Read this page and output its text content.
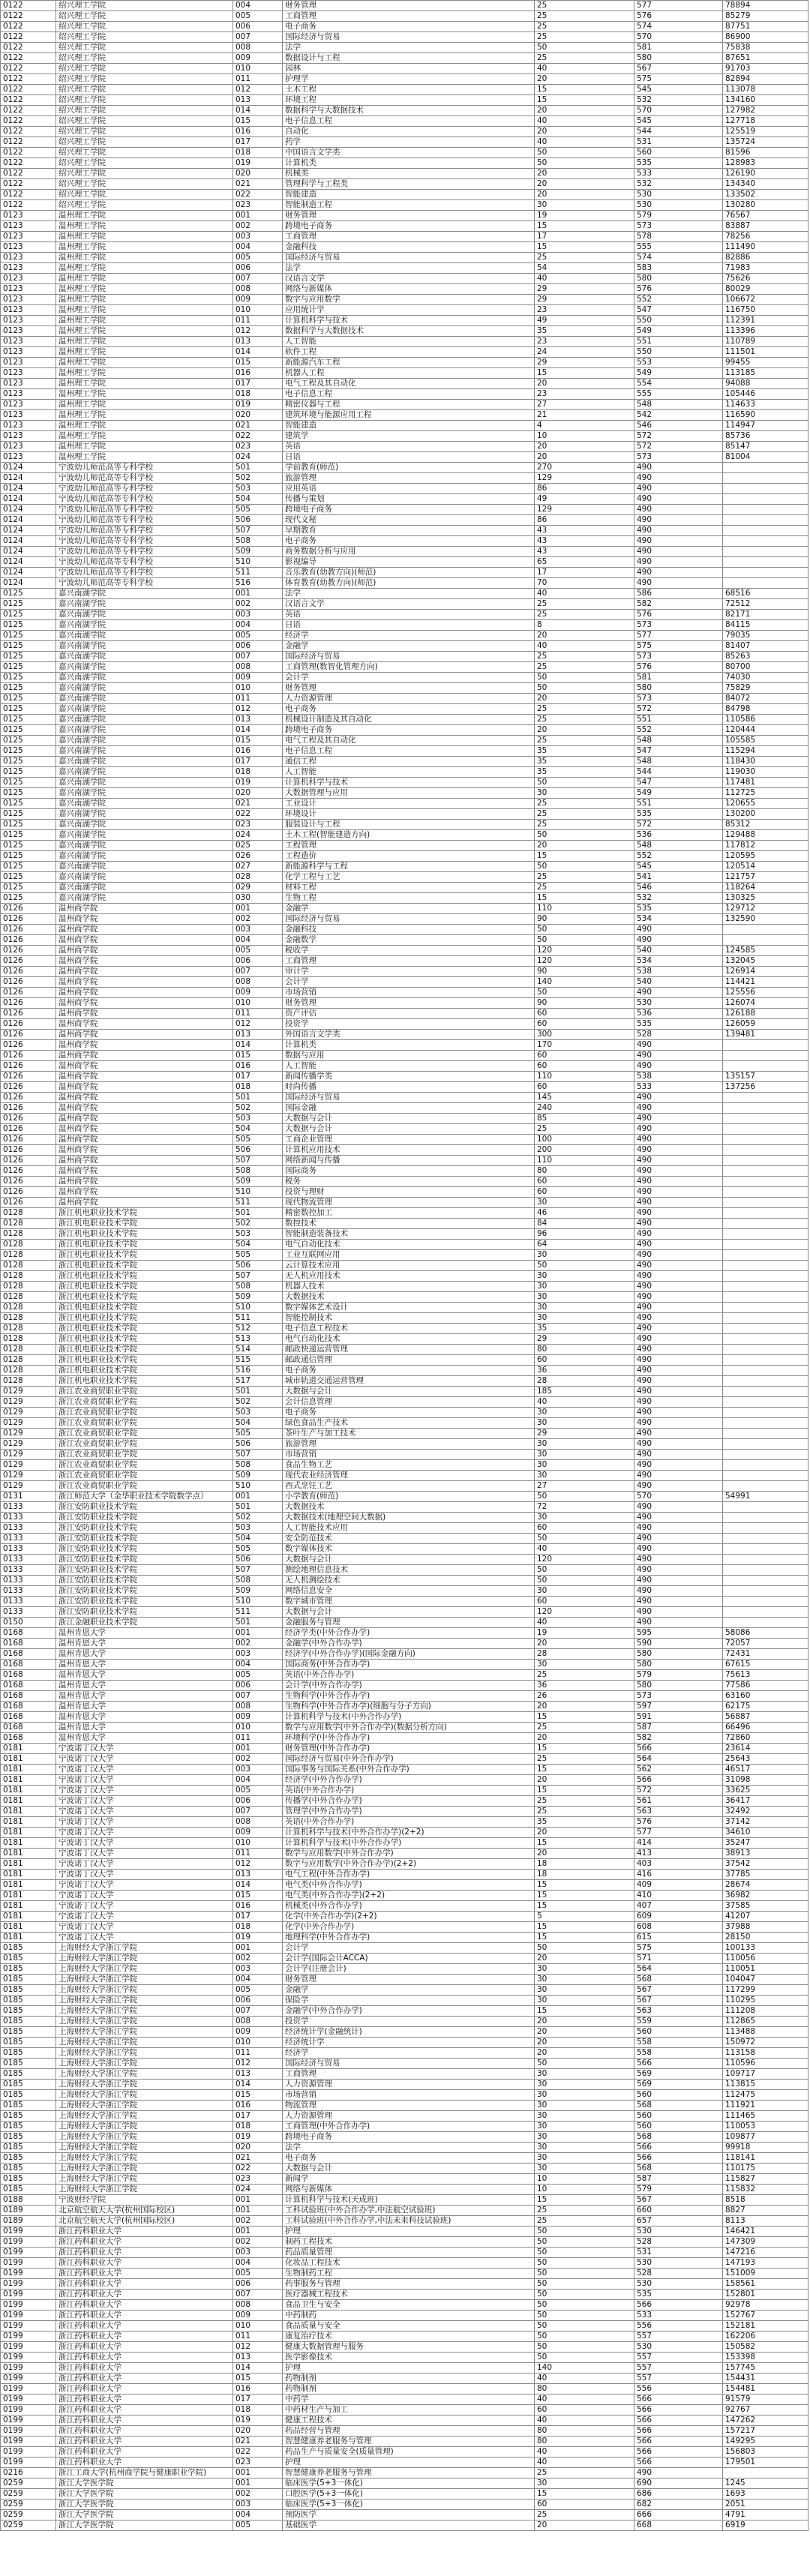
0122	绍兴理工学院	004	财务管理	25	577	78894
0122	绍兴理工学院	005	工商管理	25	576	85279
0122	绍兴理工学院	006	电子商务	25	574	87751
0122	绍兴理工学院	007	国际经济与贸易	25	570	86900
0122	绍兴理工学院	008	法学	50	581	75838
0122	绍兴理工学院	009	数据设计与工程	25	580	87651
0122	绍兴理工学院	010	园林	40	567	91703
0122	绍兴理工学院	011	护理学	20	575	82894
0122	绍兴理工学院	012	土木工程	15	545	113078
0122	绍兴理工学院	013	环境工程	15	532	134160
0122	绍兴理工学院	014	数据科学与大数据技术	20	570	127982
0122	绍兴理工学院	015	电子信息工程	40	545	127718
0122	绍兴理工学院	016	自动化	20	544	125519
0122	绍兴理工学院	017	药学	40	531	135724
0122	绍兴理工学院	018	中国语言文学类	50	560	81596
0122	绍兴理工学院	019	计算机类	50	535	128983
0122	绍兴理工学院	020	机械类	20	533	126190
0122	绍兴理工学院	021	管理科学与工程类	20	532	134340
0122	绍兴理工学院	022	智能建造	20	530	133502
0122	绍兴理工学院	023	智能制造工程	30	530	130280
0123	温州理工学院	001	财务管理	19	579	76567
0123	温州理工学院	002	跨境电子商务	15	573	83887
0123	温州理工学院	003	工商管理	17	578	78256
0123	温州理工学院	004	金融科技	15	555	111490
0123	温州理工学院	005	国际经济与贸易	25	574	82886
0123	温州理工学院	006	法学	54	583	71983
0123	温州理工学院	007	汉语言文学	40	580	75626
0123	温州理工学院	008	网络与新媒体	29	576	80029
0123	温州理工学院	009	数字与应用数学	29	552	106672
0123	温州理工学院	010	应用统计学	23	547	116750
0123	温州理工学院	011	计算机科学与技术	49	550	112391
0123	温州理工学院	012	数据科学与大数据技术	35	549	113396
0123	温州理工学院	013	人工智能	23	551	110789
0123	温州理工学院	014	软件工程	24	550	111501
0123	温州理工学院	015	新能源汽车工程	29	553	99455
0123	温州理工学院	016	机器人工程	15	549	113185
0123	温州理工学院	017	电气工程及其自动化	20	554	94088
0123	温州理工学院	018	电子信息工程	23	555	105446
0123	温州理工学院	019	精密仪器与工程	27	548	114633
0123	温州理工学院	020	建筑环境与能源应用工程	21	542	116590
0123	温州理工学院	021	智能建造	4	546	114947
0123	温州理工学院	022	建筑学	10	572	85736
0123	温州理工学院	023	英语	20	572	85147
0123	温州理工学院	024	日语	20	573	81004
0124	宁波幼儿师范高等专科学校	501	学前教育(师范)	270	490	
0124	宁波幼儿师范高等专科学校	502	旅游管理	129	490	
0124	宁波幼儿师范高等专科学校	503	应用英语	86	490	
0124	宁波幼儿师范高等专科学校	504	传播与策划	49	490	
0124	宁波幼儿师范高等专科学校	505	跨境电子商务	129	490	
0124	宁波幼儿师范高等专科学校	506	现代文秘	86	490	
0124	宁波幼儿师范高等专科学校	507	早期教育	43	490	
0124	宁波幼儿师范高等专科学校	508	电子商务	43	490	
0124	宁波幼儿师范高等专科学校	509	商务数据分析与应用	43	490	
0124	宁波幼儿师范高等专科学校	510	影视编导	65	490	
0124	宁波幼儿师范高等专科学校	511	音乐教育(幼教方向)(师范)	17	490	
0124	宁波幼儿师范高等专科学校	516	体育教育(幼教方向)(师范)	70	490	
0125	嘉兴南湖学院	001	法学	40	586	68516
0125	嘉兴南湖学院	002	汉语言文学	25	582	72512
0125	嘉兴南湖学院	003	英语	25	576	82171
0125	嘉兴南湖学院	004	日语	8	573	84115
0125	嘉兴南湖学院	005	经济学	20	577	79035
0125	嘉兴南湖学院	006	金融学	40	575	81407
0125	嘉兴南湖学院	007	国际经济与贸易	25	573	85263
0125	嘉兴南湖学院	008	工商管理(数智化管理方向)	25	576	80700
0125	嘉兴南湖学院	009	会计学	50	581	74030
0125	嘉兴南湖学院	010	财务管理	50	580	75829
0125	嘉兴南湖学院	011	人力资源管理	20	573	84072
0125	嘉兴南湖学院	012	电子商务	25	572	84798
0125	嘉兴南湖学院	013	机械设计制造及其自动化	25	551	110586
0125	嘉兴南湖学院	014	跨境电子商务	20	552	120444
0125	嘉兴南湖学院	015	电气工程及其自动化	25	548	105585
0125	嘉兴南湖学院	016	电子信息工程	35	547	115294
0125	嘉兴南湖学院	017	通信工程	35	548	118430
0125	嘉兴南湖学院	018	人工智能	35	544	119030
0125	嘉兴南湖学院	019	计算机科学与技术	50	547	117481
0125	嘉兴南湖学院	020	大数据管理与应用	30	549	112725
0125	嘉兴南湖学院	021	工业设计	25	551	120655
0125	嘉兴南湖学院	022	环境设计	25	535	130200
0125	嘉兴南湖学院	023	服装设计与工程	25	572	85312
0125	嘉兴南湖学院	024	土木工程(智能建造方向)	50	536	129488
0125	嘉兴南湖学院	025	工程管理	20	548	117812
0125	嘉兴南湖学院	026	工程造价	15	552	120595
0125	嘉兴南湖学院	027	新能源科学与工程	50	545	120514
0125	嘉兴南湖学院	028	化学工程与工艺	25	541	121757
0125	嘉兴南湖学院	029	材料工程	25	546	118264
0125	嘉兴南湖学院	030	生物工程	15	532	130325
0126	温州商学院	001	金融学	110	535	129712
0126	温州商学院	002	国际经济与贸易	90	534	132590
0126	温州商学院	003	金融科技	50	490	
0126	温州商学院	004	金融数学	50	490	
0126	温州商学院	005	税收学	120	540	124585
0126	温州商学院	006	工商管理	120	534	132045
0126	温州商学院	007	审计学	90	538	126914
0126	温州商学院	008	会计学	140	540	114421
0126	温州商学院	009	市场营销	50	490	125556
0126	温州商学院	010	财务管理	90	530	126074
0126	温州商学院	011	资产评估	60	536	126188
0126	温州商学院	012	投资学	60	535	126059
0126	温州商学院	013	外国语言文学类	300	528	139481
0126	温州商学院	014	计算机类	170	490	
0126	温州商学院	015	数据与应用	60	490	
0126	温州商学院	016	人工智能	60	490	
0126	温州商学院	017	新闻传播学类	110	538	135157
0126	温州商学院	018	时尚传播	60	533	137256
0126	温州商学院	501	国际经济与贸易	145	490	
0126	温州商学院	502	国际金融	240	490	
0126	温州商学院	503	大数据与会计	85	490	
0126	温州商学院	504	大数据与会计	25	490	
0126	温州商学院	505	工商企业管理	100	490	
0126	温州商学院	506	计算机应用技术	200	490	
0126	温州商学院	507	网络新闻与传播	110	490	
0126	温州商学院	508	国际商务	80	490	
0126	温州商学院	509	税务	60	490	
0126	温州商学院	510	投资与理财	60	490	
0126	温州商学院	511	现代物流管理	30	490	
0128	浙江机电职业技术学院	501	精密数控加工	46	490	
0128	浙江机电职业技术学院	502	数控技术	84	490	
0128	浙江机电职业技术学院	503	智能制造装备技术	96	490	
0128	浙江机电职业技术学院	504	电气自动化技术	64	490	
0128	浙江机电职业技术学院	505	工业互联网应用	30	490	
0128	浙江机电职业技术学院	506	云计算技术应用	50	490	
0128	浙江机电职业技术学院	507	无人机应用技术	30	490	
0128	浙江机电职业技术学院	508	机器人技术	30	490	
0128	浙江机电职业技术学院	509	大数据技术	30	490	
0128	浙江机电职业技术学院	510	数字媒体艺术设计	30	490	
0128	浙江机电职业技术学院	511	智能控制技术	30	490	
0128	浙江机电职业技术学院	512	电子信息工程技术	35	490	
0128	浙江机电职业技术学院	513	电气自动化技术	29	490	
0128	浙江机电职业技术学院	514	邮政快递运营管理	80	490	
0128	浙江机电职业技术学院	515	邮政通信管理	60	490	
0128	浙江机电职业技术学院	516	电子商务	36	490	
0128	浙江机电职业技术学院	517	城市轨道交通运营管理	28	490	
0129	浙江农业商贸职业学院	501	大数据与会计	185	490	
0129	浙江农业商贸职业学院	502	会计信息管理	40	490	
0129	浙江农业商贸职业学院	503	电子商务	30	490	
0129	浙江农业商贸职业学院	504	绿色食品生产技术	30	490	
0129	浙江农业商贸职业学院	505	茶叶生产与加工技术	29	490	
0129	浙江农业商贸职业学院	506	旅游管理	30	490	
0129	浙江农业商贸职业学院	507	市场营销	30	490	
0129	浙江农业商贸职业学院	508	食品生物工艺	30	490	
0129	浙江农业商贸职业学院	509	现代农业经济管理	30	490	
0129	浙江农业商贸职业学院	510	西式烹饪工艺	27	490	
0131	浙江师范大学（金华职业技术学院数学点）	001	小学教育(师范)	50	570	54991
0133	浙江安防职业技术学院	501	大数据技术	72	490	
0133	浙江安防职业技术学院	502	大数据技术(地理空间大数据)	30	490	
0133	浙江安防职业技术学院	503	人工智能技术应用	60	490	
0133	浙江安防职业技术学院	504	安全防范技术	50	490	
0133	浙江安防职业技术学院	505	数字媒体技术	40	490	
0133	浙江安防职业技术学院	506	大数据与会计	120	490	
0133	浙江安防职业技术学院	507	测绘地理信息技术	50	490	
0133	浙江安防职业技术学院	508	无人机测绘技术	50	490	
0133	浙江安防职业技术学院	509	网络信息安全	30	490	
0133	浙江安防职业技术学院	510	数字城市管理	60	490	
0133	浙江安防职业技术学院	511	大数据与会计	120	490	
0150	浙江金融职业技术学院	501	金融服务与管理	40	490	
0168	温州肯恩大学	001	经济学类(中外合作办学)	19	595	58086
0168	温州肯恩大学	002	金融学(中外合作办学)	20	590	72057
0168	温州肯恩大学	003	经济学(中外合作办学)(国际金融方向)	28	580	72431
0168	温州肯恩大学	004	国际商务(中外合作办学)	30	580	67615
0168	温州肯恩大学	005	英语(中外合作办学)	25	579	75613
0168	温州肯恩大学	006	会计学(中外合作办学)	36	580	77586
0168	温州肯恩大学	007	生物科学(中外合作办学)	26	573	63160
0168	温州肯恩大学	008	生物科学(中外合作办学)(细胞与分子方向)	20	597	62175
0168	温州肯恩大学	009	计算机科学与技术(中外合作办学)	15	591	56887
0168	温州肯恩大学	010	数学与应用数学(中外合作办学)(数据分析方向)	25	587	66496
0168	温州肯恩大学	011	环境科学(中外合作办学)	20	582	72860
0181	宁波诺丁汉大学	001	财务管理(中外合作办学)	15	566	23614
0181	宁波诺丁汉大学	002	国际经济与贸易(中外合作办学)	25	564	25643
0181	宁波诺丁汉大学	003	国际事务与国际关系(中外合作办学)	15	562	46517
0181	宁波诺丁汉大学	004	经济学(中外合作办学)	20	566	31098
0181	宁波诺丁汉大学	005	英语(中外合作办学)	15	572	33625
0181	宁波诺丁汉大学	006	传播学(中外合作办学)	25	561	36417
0181	宁波诺丁汉大学	007	管理学(中外合作办学)	25	563	32492
0181	宁波诺丁汉大学	008	英语(中外合作办学)	35	576	37142
0181	宁波诺丁汉大学	009	计算机科学与技术(中外合作办学)(2+2)	20	577	34610
0181	宁波诺丁汉大学	010	计算机科学与技术(中外合作办学)	15	414	35247
0181	宁波诺丁汉大学	011	数学与应用数学(中外合作办学)	20	413	38913
0181	宁波诺丁汉大学	012	数字与应用数学(中外合作办学)(2+2)	18	403	37542
0181	宁波诺丁汉大学	013	电气工程(中外合作办学)	18	416	37785
0181	宁波诺丁汉大学	014	电气类(中外合作办学)	15	409	28674
0181	宁波诺丁汉大学	015	电气类(中外合作办学)(2+2)	15	410	36982
0181	宁波诺丁汉大学	016	机械类(中外合作办学)	15	407	37585
0181	宁波诺丁汉大学	017	化学(中外合作办学)(2+2)	5	609	41207
0181	宁波诺丁汉大学	018	化学(中外合作办学)	15	608	37988
0181	宁波诺丁汉大学	019	地理科学(中外合作办学)	15	615	28150
0185	上海财经大学浙江学院	001	会计学	50	575	100133
0185	上海财经大学浙江学院	002	会计学(国际会计ACCA)	20	571	110056
0185	上海财经大学浙江学院	003	会计学(注册会计)	30	564	110051
0185	上海财经大学浙江学院	004	财务管理	30	568	104047
0185	上海财经大学浙江学院	005	金融学	30	567	117299
0185	上海财经大学浙江学院	006	保险学	30	567	110295
0185	上海财经大学浙江学院	007	金融学(中外合作办学)	15	563	111208
0185	上海财经大学浙江学院	008	投资学	20	559	112865
0185	上海财经大学浙江学院	009	经济统计学(金融统计)	20	560	113488
0185	上海财经大学浙江学院	010	经济统计学	20	558	150972
0185	上海财经大学浙江学院	011	经济学	20	558	113158
0185	上海财经大学浙江学院	012	国际经济与贸易	50	566	110596
0185	上海财经大学浙江学院	013	工商管理	30	569	109717
0185	上海财经大学浙江学院	014	人力资源管理	30	569	113815
0185	上海财经大学浙江学院	015	市场营销	30	560	112475
0185	上海财经大学浙江学院	016	物流管理	30	568	111921
0185	上海财经大学浙江学院	017	人力资源管理	30	560	111465
0185	上海财经大学浙江学院	018	工商管理(中外合作办学)	30	560	110053
0185	上海财经大学浙江学院	019	跨境电子商务	30	568	109877
0185	上海财经大学浙江学院	020	法学	30	566	99918
0185	上海财经大学浙江学院	021	电子商务	30	566	118141
0185	上海财经大学浙江学院	022	大数据与会计	30	568	110175
0185	上海财经大学浙江学院	023	新闻学	10	587	115827
0185	上海财经大学浙江学院	024	网络与新媒体	10	579	115832
0188	宁波财经学院	001	计算机科学与技术(天成班)	15	567	8518
0189	北京航空航天大学(杭州国际校区)	001	工科试验班(中外合作办学,中法航空试验班)	25	660	8827
0189	北京航空航天大学(杭州国际校区)	002	工科试验班(中外合作办学,中法未来科技试验班)	25	657	8113
0199	浙江药科职业大学	001	护理	50	530	146421
0199	浙江药科职业大学	002	制药工程技术	50	528	147309
0199	浙江药科职业大学	003	药品质量管理	50	531	147216
0199	浙江药科职业大学	004	化妆品工程技术	50	530	147193
0199	浙江药科职业大学	005	生物制药工程	50	528	151009
0199	浙江药科职业大学	006	药事服务与管理	50	530	158561
0199	浙江药科职业大学	007	医疗器械工程技术	50	535	152801
0199	浙江药科职业大学	008	食品卫生与安全	50	566	92978
0199	浙江药科职业大学	009	中药制药	50	533	152767
0199	浙江药科职业大学	010	食品质量与安全	50	556	152181
0199	浙江药科职业大学	011	康复治疗技术	50	557	162206
0199	浙江药科职业大学	012	健康大数据管理与服务	50	530	150582
0199	浙江药科职业大学	013	医学影像技术	50	557	153398
0199	浙江药科职业大学	014	护理	140	557	157745
0199	浙江药科职业大学	015	药物制剂	40	557	154431
0199	浙江药科职业大学	016	药物制剂	80	556	154481
0199	浙江药科职业大学	017	中药学	40	566	91579
0199	浙江药科职业大学	018	中药材生产与加工	60	566	92767
0199	浙江药科职业大学	019	健康工程技术	40	566	147262
0199	浙江药科职业大学	020	药品经营与管理	80	566	157217
0199	浙江药科职业大学	021	智慧健康养老服务与管理	80	566	149295
0199	浙江药科职业大学	022	药品生产与质量安全(质量管理)	40	566	156803
0199	浙江药科职业大学	023	护理	40	566	179501
0216	浙江工商大学(杭州商学院与健康职业学院)	001	智慧健康养老服务与管理	25	490	
0259	浙江大学医学院	001	临床医学(5+3一体化)	30	690	1245
0259	浙江大学医学院	002	口腔医学(5+3一体化)	15	686	1693
0259	浙江大学医学院	003	临床医学(5+3一体化)	60	682	2051
0259	浙江大学医学院	004	预防医学	25	666	4791
0259	浙江大学医学院	005	基础医学	20	668	6919
